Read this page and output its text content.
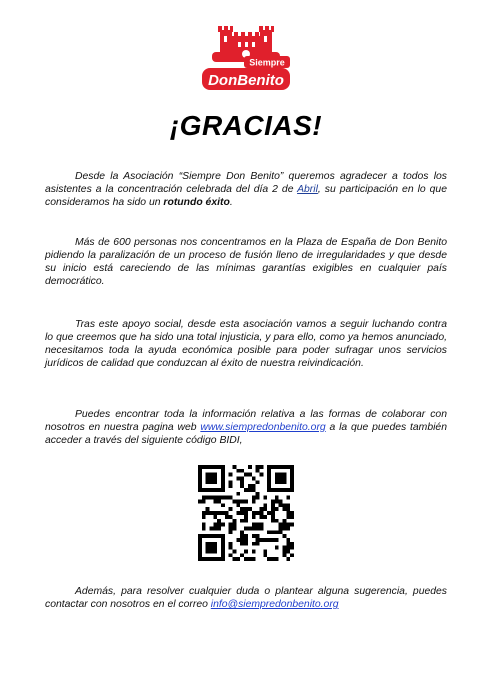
Siempre
DonBenito
¡GRACIAS!

Desde la Asociación “Siempre Don Benito” queremos agradecer a todos los asistentes a la concentración celebrada del día 2 de Abril, su participación en lo que consideramos ha sido un rotundo éxito.

Más de 600 personas nos concentramos en la Plaza de España de Don Benito pidiendo la paralización de un proceso de fusión lleno de irregularidades y que desde su inicio está careciendo de las mínimas garantías exigibles en cualquier país democrático.

Tras este apoyo social, desde esta asociación vamos a seguir luchando contra lo que creemos que ha sido una total injusticia, y para ello, como ya hemos anunciado, necesitamos toda la ayuda económica posible para poder sufragar unos servicios jurídicos de calidad que conduzcan al éxito de nuestra reivindicación.

Puedes encontrar toda la información relativa a las formas de colaborar con nosotros en nuestra pagina web www.siempredonbenito.org a la que puedes también acceder a través del siguiente código BIDI,

Además, para resolver cualquier duda o plantear alguna sugerencia, puedes contactar con nosotros en el correo info@siempredonbenito.org
